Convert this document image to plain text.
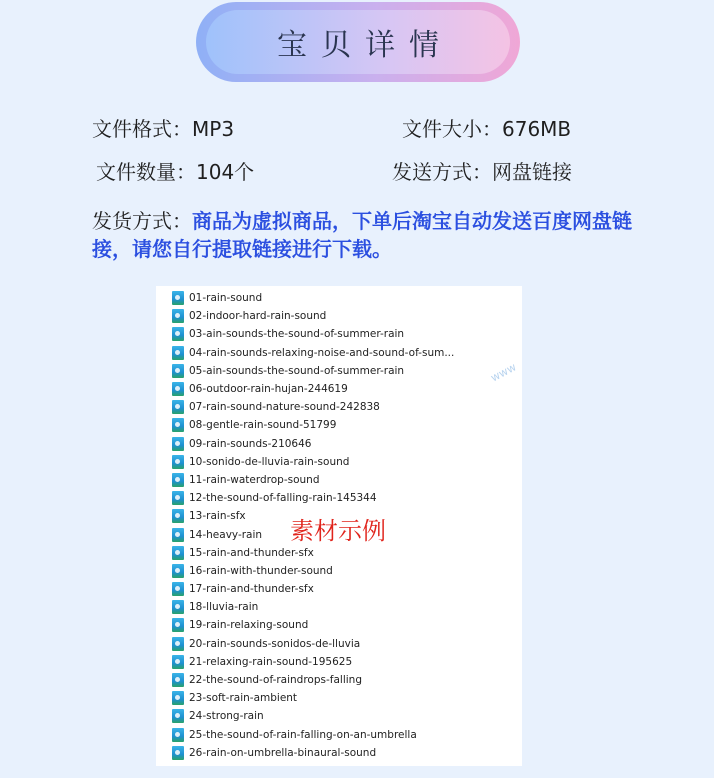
宝贝详情
文件格式：MP3	文件大小：676MB
文件数量：104个	发送方式：网盘链接
发货方式：商品为虚拟商品，下单后淘宝自动发送百度网盘链接，请您自行提取链接进行下载。
01-rain-sound
02-indoor-hard-rain-sound
03-ain-sounds-the-sound-of-summer-rain
04-rain-sounds-relaxing-noise-and-sound-of-sum...
05-ain-sounds-the-sound-of-summer-rain
06-outdoor-rain-hujan-244619
07-rain-sound-nature-sound-242838
08-gentle-rain-sound-51799
09-rain-sounds-210646
10-sonido-de-lluvia-rain-sound
11-rain-waterdrop-sound
12-the-sound-of-falling-rain-145344
13-rain-sfx
14-heavy-rain
15-rain-and-thunder-sfx
16-rain-with-thunder-sound
17-rain-and-thunder-sfx
18-lluvia-rain
19-rain-relaxing-sound
20-rain-sounds-sonidos-de-lluvia
21-relaxing-rain-sound-195625
22-the-sound-of-raindrops-falling
23-soft-rain-ambient
24-strong-rain
25-the-sound-of-rain-falling-on-an-umbrella
26-rain-on-umbrella-binaural-sound
www
素材示例
